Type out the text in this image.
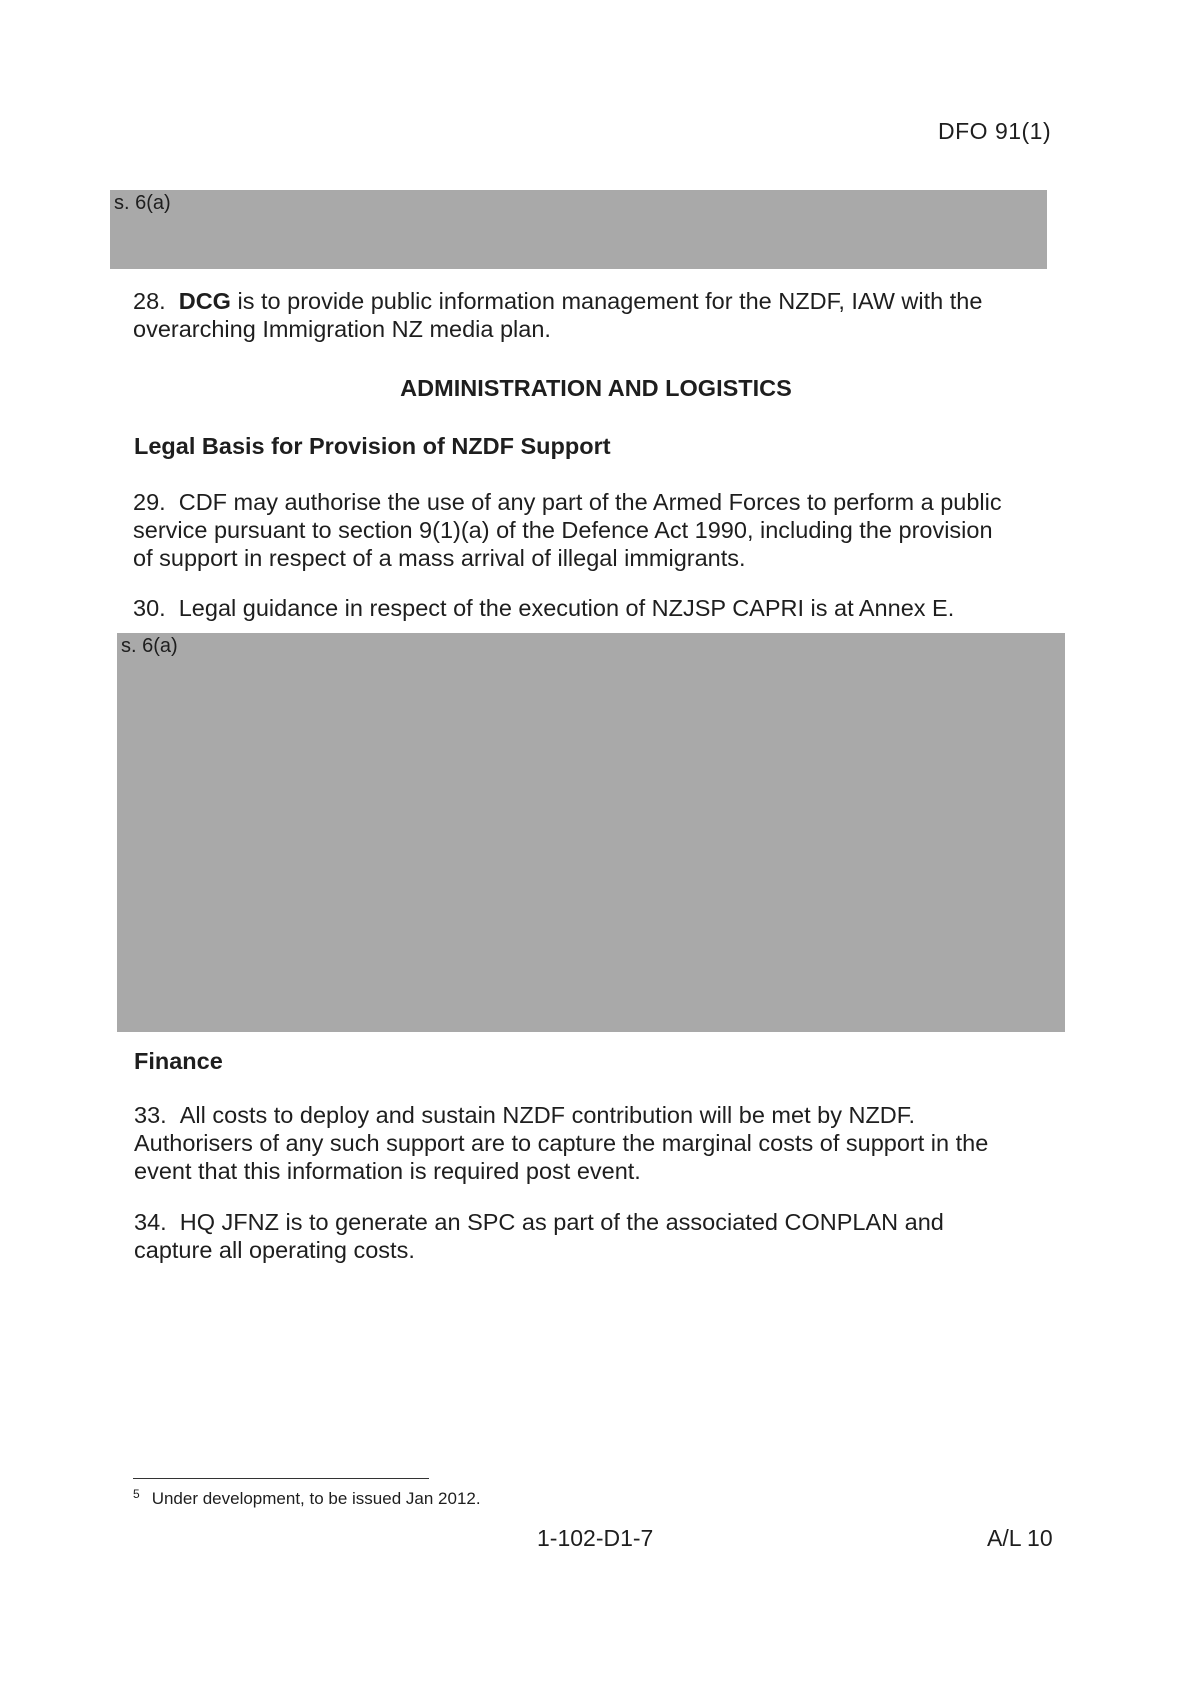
DFO 91(1)
s. 6(a)
28. DCG is to provide public information management for the NZDF, IAW with the
overarching Immigration NZ media plan.
ADMINISTRATION AND LOGISTICS
Legal Basis for Provision of NZDF Support
29. CDF may authorise the use of any part of the Armed Forces to perform a public
service pursuant to section 9(1)(a) of the Defence Act 1990, including the provision
of support in respect of a mass arrival of illegal immigrants.
30. Legal guidance in respect of the execution of NZJSP CAPRI is at Annex E.
s. 6(a)
Finance
33. All costs to deploy and sustain NZDF contribution will be met by NZDF.
Authorisers of any such support are to capture the marginal costs of support in the
event that this information is required post event.
34. HQ JFNZ is to generate an SPC as part of the associated CONPLAN and
capture all operating costs.
$^5$ Under development, to be issued Jan 2012.
1-102-D1-7	A/L 10
